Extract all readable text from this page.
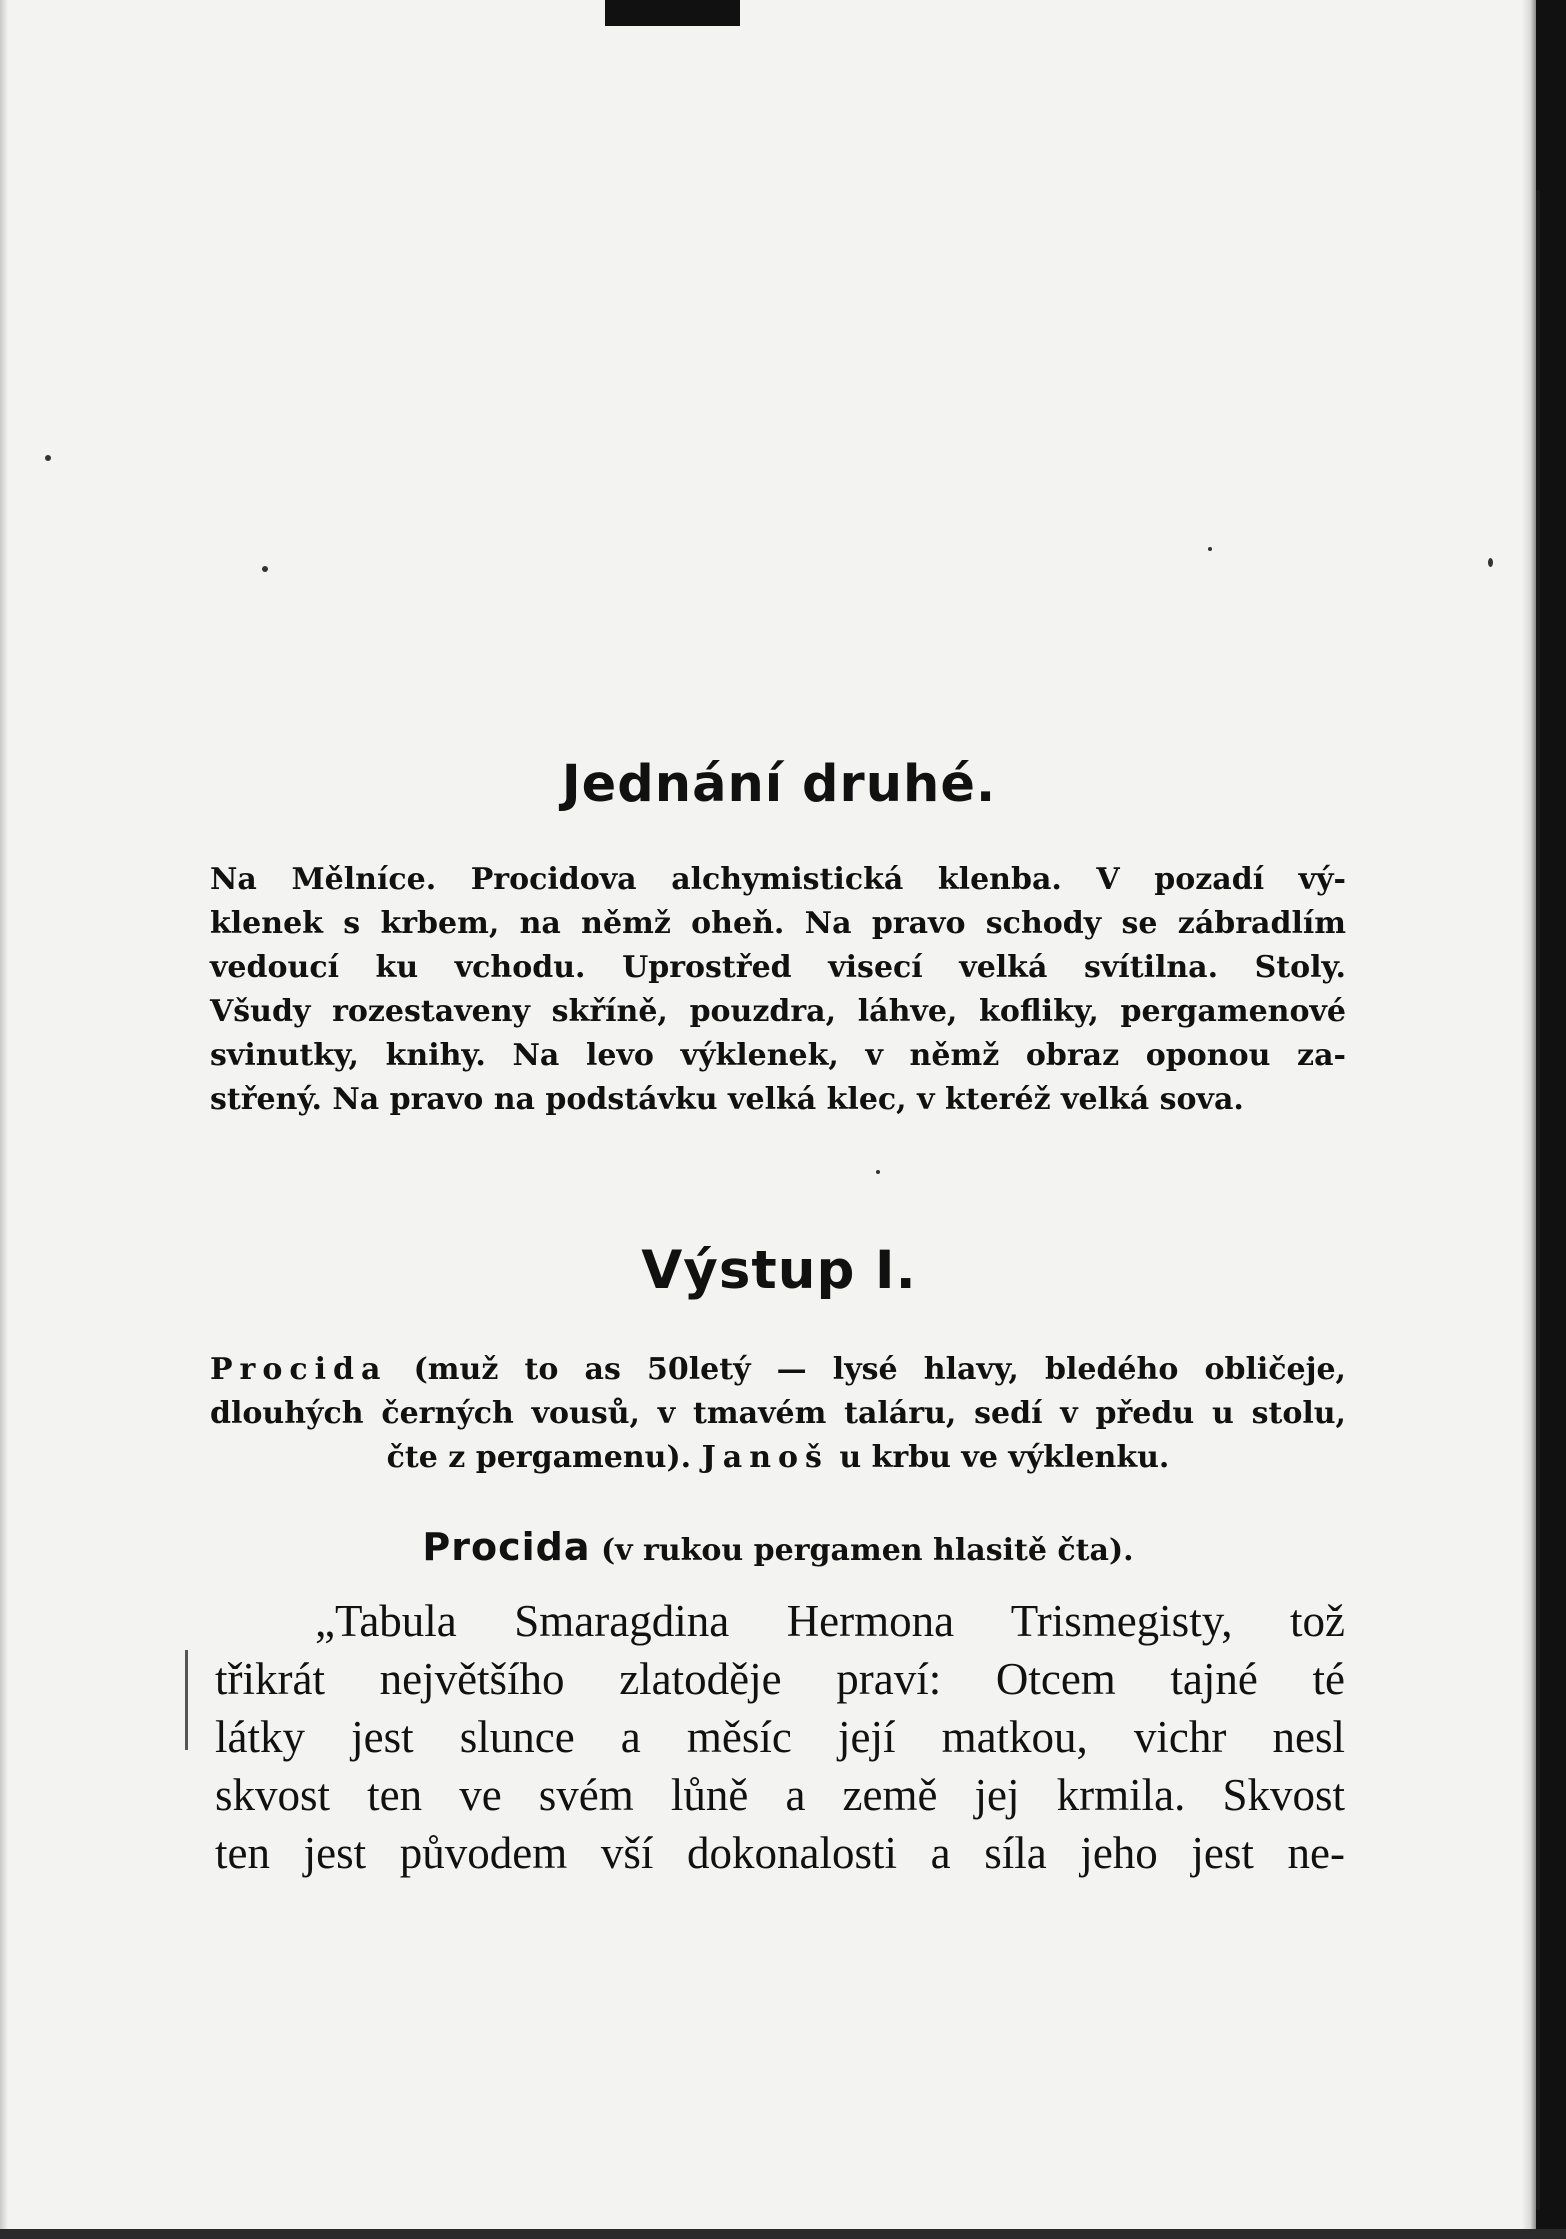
Jednání druhé.
Na Mělníce. Procidova alchymistická klenba. V pozadí vý-
klenek s krbem, na němž oheň. Na pravo schody se zábradlím
vedoucí ku vchodu. Uprostřed visecí velká svítilna. Stoly.
Všudy rozestaveny skříně, pouzdra, láhve, kofliky, pergamenové
svinutky, knihy. Na levo výklenek, v němž obraz oponou za-
střený. Na pravo na podstávku velká klec, v kteréž velká sova.
Výstup I.
Procida (muž to as 50letý — lysé hlavy, bledého obličeje,
dlouhých černých vousů, v tmavém taláru, sedí v předu u stolu,
čte z pergamenu). Janoš u krbu ve výklenku.

Procida (v rukou pergamen hlasitě čta).

„Tabula Smaragdina Hermona Trismegisty, tož
třikrát největšího zlatoděje praví: Otcem tajné té
látky jest slunce a měsíc její matkou, vichr nesl
skvost ten ve svém lůně a země jej krmila. Skvost
ten jest původem vší dokonalosti a síla jeho jest ne-
